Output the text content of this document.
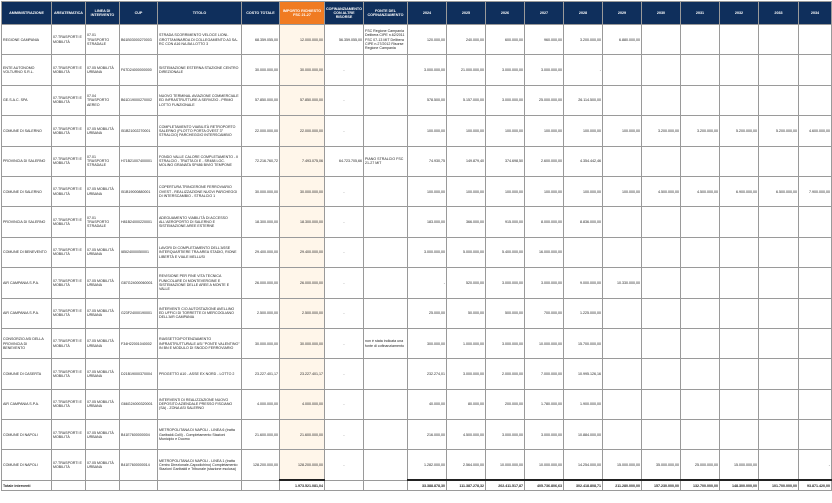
AMMINISTRAZIONE	AREATEMATICA	LINEA DI INTERVENTO	CUP	TITOLO	COSTO TOTALE	IMPORTO RICHIESTO FSC 21-27	COFINANZIAMENTO CON ALTRE RISORSE	FONTE DEL COFINANZIAMENTO	2024	2025	2026	2027	2028	2029	2030	2031	2032	2033	2034
REGIONE CAMPANIA	07.TRASPORTI E MOBILITÀ	07.01 TRASPORTO STRADALE	B61B03000270003	STRADA SCORRIMENTO VELOCE LIONI-GROTTAMINARDA DI COLLEGAMENTO A3 SA-RC CON A16 NA-BA LOTTO 3	68.359.055,00	12.000.000,00	56.359.055,00	FSC Regione Campania Delibera CIPE n.62/2011 FSC 07-13 MIT Delibera CIPE n.27/2012 Risorse Regione Campania	120.000,00	240.000,00	600.000,00	960.000,00	3.200.000,00	6.880.000,00					
ENTE AUTONOMO VOLTURNO S.R.L.	07.TRASPORTI E MOBILITÀ	07.05 MOBILITÀ URBANA	F67D24000000000	SISTEMAZIONE ESTERNA STAZIONE CENTRO DIREZIONALE	30.000.000,00	30.000.000,00	-		3.000.000,00	21.000.000,00	3.000.000,00	3.000.000,00	-						
GE.S.A.C. SPA	07.TRASPORTI E MOBILITÀ	07.04 TRASPORTO AEREO	B61D19000270002	NUOVO TERMINAL AVIAZIONE COMMERCIALE ED INFRASTRUTTURE A SERVIZIO - PRIMO LOTTO FUNZIONALE	57.850.000,00	57.850.000,00	-		578.500,00	5.157.000,00	3.000.000,00	25.000.000,00	26.114.500,00						
COMUNE DI SALERNO	07.TRASPORTI E MOBILITÀ	07.05 MOBILITÀ URBANA	I51B21002270001	COMPLETAMENTO VIABILITÀ RETROPORTO SALERNO (PLOTTO PORTA OVEST 3° STRALCIO) PARCHEGGIO INTERSCAMBIO	22.000.000,00	22.000.000,00	-		100.000,00	100.000,00	100.000,00	100.000,00	100.000,00	100.000,00	3.200.000,00	3.200.000,00	5.200.000,00	5.200.000,00	4.600.000,00
PROVINCIA DI SALERNO	07.TRASPORTI E MOBILITÀ	07.01 TRASPORTO STRADALE	H71B21007400001	FONDO VALLE CALORE COMPLETAMENTO - II STRALCIO - TRATTA DI E - SR488 LOC. MOLINO GRANATA SP486 BIVIO TEMPONE	72.216.760,72	7.493.075,06	64.723.705,66	PIANO STRALCIO FSC 21-27 MIT	74.930,75	149.879,40	374.698,50	2.600.000,00	4.354.442,46						
COMUNE DI SALERNO	07.TRASPORTI E MOBILITÀ	07.05 MOBILITÀ URBANA	I51B19000880001	COPERTURA TRINCERONE FERROVIARIO OVEST - REALIZZAZIONE NUOVI PARCHEGGI DI INTERSCAMBIO - STRALCIO 1	30.000.000,00	30.000.000,00	-		100.000,00	100.000,00	100.000,00	100.000,00	100.000,00	100.000,00	4.500.000,00	4.500.000,00	6.900.000,00	6.500.000,00	7.900.000,00
PROVINCIA DI SALERNO	07.TRASPORTI E MOBILITÀ	07.01 TRASPORTO STRADALE	H81B24000220001	ADEGUAMENTO VIABILITÀ DI ACCESSO ALL'AEROPORTO DI SALERNO E SISTEMAZIONE AREE ESTERNE	18.300.000,00	18.300.000,00	-		183.000,00	366.000,00	915.000,00	8.000.000,00	8.836.000,00						
COMUNE DI BENEVENTO	07.TRASPORTI E MOBILITÀ	07.05 MOBILITÀ URBANA	I85I24000050001	LAVORI DI COMPLETAMENTO DELL'ASSE INTERQUARTIERE TRA AREA STADIO, RIONE LIBERTÀ E VIALE MELLUSI	29.400.000,00	29.400.000,00	-		3.000.000,00	5.000.000,00	5.400.000,00	16.000.000,00							
AIR CAMPANIA S.P.A.	07.TRASPORTI E MOBILITÀ	07.05 MOBILITÀ URBANA	G87G24000060001	REVISIONE PER FINE VITA TECNICA FUNICOLARE DI MONTEVERGINE E SISTEMAZIONE DELLE AREE A MONTE E VALLE	26.000.000,00	26.000.000,00	-		-	520.000,00	3.000.000,00	3.000.000,00	9.000.000,00	10.330.000,00					
AIR CAMPANIA S.P.A.	07.TRASPORTI E MOBILITÀ	07.05 MOBILITÀ URBANA	G23F24000190001	INTERVENTI C/O AUTOSTAZIONE AVELLINO ED UFFICI DI TORRETTE DI MERCOGLIANO DELL'AIR CAMPANIA	2.500.000,00	2.500.000,00	-		25.000,00	50.000,00	500.000,00	700.000,00	1.225.000,00						
CONSORZIO ASI DELLA PROVINCIA DI BENEVENTO	07.TRASPORTI E MOBILITÀ	07.05 MOBILITÀ URBANA	F34H22001040002	RIASSETTO/POTENZIAMENTO INFRASTRUTTURALE ASI "PONTE VALENTINO" IN BN E MODULO DI SNODO FERROVIARIO	30.000.000,00	30.000.000,00	-	non è stata indicata una fonte di cofinanziamento	300.000,00	1.000.000,00	3.000.000,00	10.000.000,00	15.700.000,00						
COMUNE DI CASERTA	07.TRASPORTI E MOBILITÀ	07.05 MOBILITÀ URBANA	D21B19000370004	PROGETTO A10 - ASSE EX NORD - LOTTO 2	23.227.401,17	23.227.401,17	-		232.274,01	3.000.000,00	2.000.000,00	7.000.000,00	10.995.126,16						
AIR CAMPANIA S.P.A.	07.TRASPORTI E MOBILITÀ	07.05 MOBILITÀ URBANA	G66G24000320001	INTERVENTI DI REALIZZAZIONE NUOVO DEPOSITO AZIENDALE PRESSO FISCIANO (SA) - ZONA ASI SALERNO	4.000.000,00	4.000.000,00	-		40.000,00	80.000,00	200.000,00	1.780.000,00	1.900.000,00						
COMUNE DI NAPOLI	07.TRASPORTI E MOBILITÀ	07.05 MOBILITÀ URBANA	B41E7600000004	METROPOLITANA DI NAPOLI - LINEA 6 (tratta Garibaldi-Colli) - Completamento Stazioni Municipio e Duomo	21.600.000,00	21.600.000,00	-		216.000,00	4.500.000,00	3.000.000,00	3.000.000,00	10.884.000,00						
COMUNE DI NAPOLI	07.TRASPORTI E MOBILITÀ	07.05 MOBILITÀ URBANA	B41E7600000014	METROPOLITANA DI NAPOLI - LINEA 1 (tratta Centro Direzionale-Capodichino) Completamento Stazioni Garibaldi e Tribunale (stazione esclusa)	128.200.000,00	128.200.000,00	-		1.282.000,00	2.564.000,00	10.000.000,00	10.000.000,00	14.254.000,00	15.000.000,00	35.000.000,00	25.000.000,00	15.000.000,00		-
Totale interventi						1.973.521.081,04			33.388.878,30	111.387.278,32	202.411.517,87	405.736.806,63	302.418.808,71	211.280.000,00	157.230.000,00	132.700.000,00	148.300.000,00	101.700.000,00	93.871.420,00
